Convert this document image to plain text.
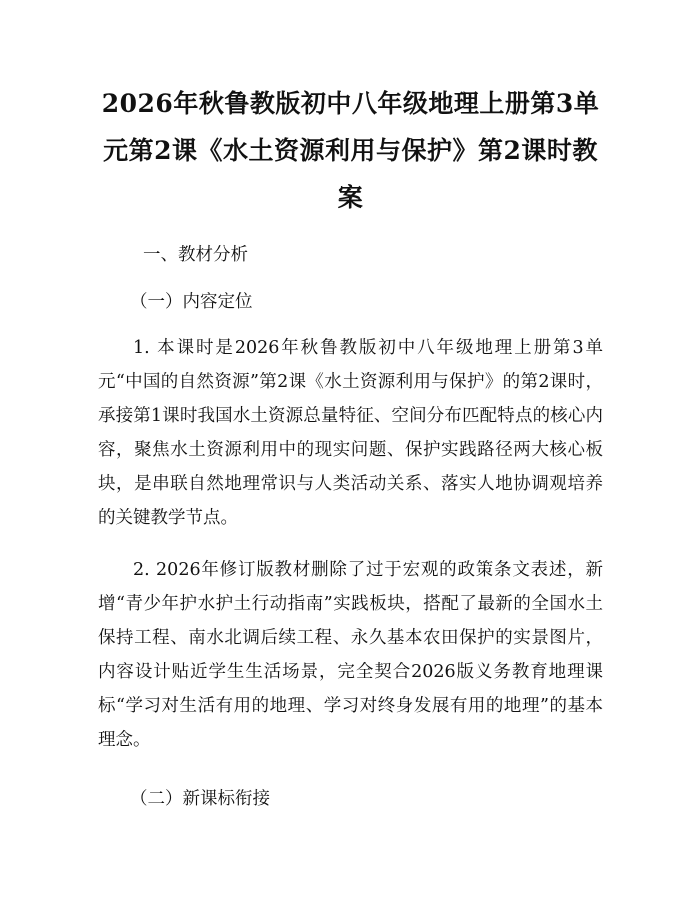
2026年秋鲁教版初中八年级地理上册第3单元第2课《水土资源利用与保护》第2课时教案

一、教材分析

（一）内容定位

1. 本课时是2026年秋鲁教版初中八年级地理上册第3单元“中国的自然资源”第2课《水土资源利用与保护》的第2课时，承接第1课时我国水土资源总量特征、空间分布匹配特点的核心内容，聚焦水土资源利用中的现实问题、保护实践路径两大核心板块，是串联自然地理常识与人类活动关系、落实人地协调观培养的关键教学节点。

2. 2026年修订版教材删除了过于宏观的政策条文表述，新增“青少年护水护土行动指南”实践板块，搭配了最新的全国水土保持工程、南水北调后续工程、永久基本农田保护的实景图片，内容设计贴近学生生活场景，完全契合2026版义务教育地理课标“学习对生活有用的地理、学习对终身发展有用的地理”的基本理念。

（二）新课标衔接
